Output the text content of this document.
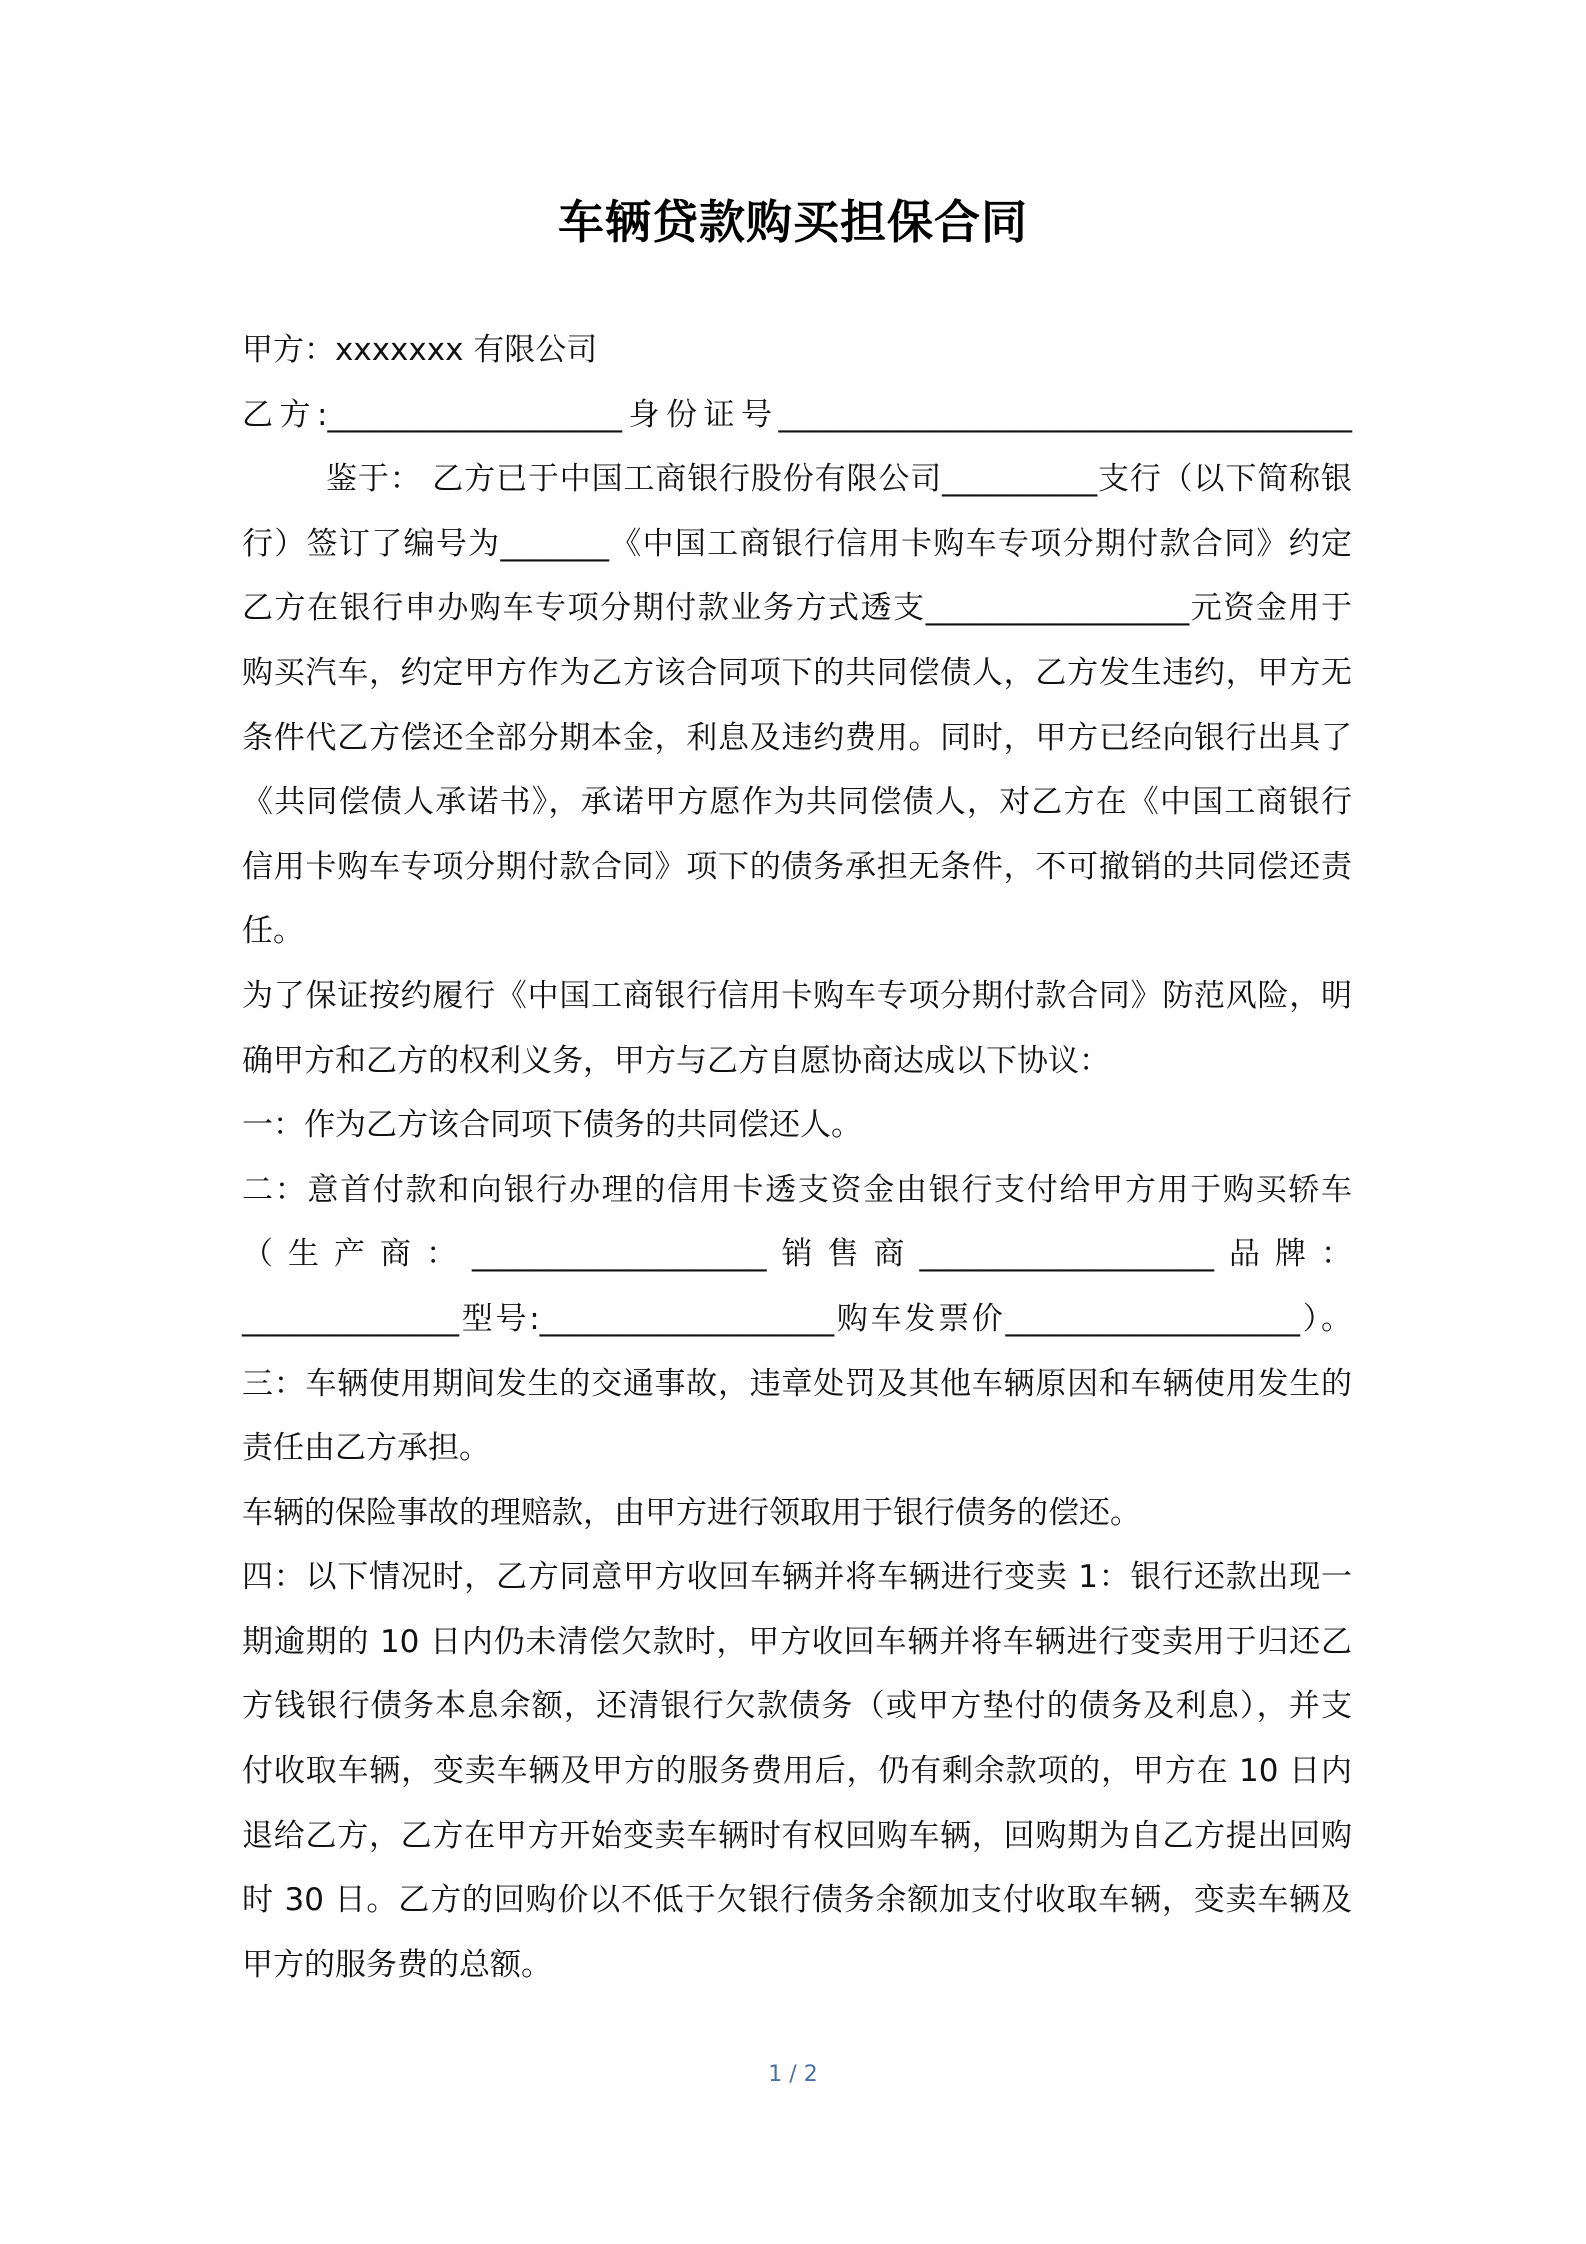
车辆贷款购买担保合同
甲方：xxxxxxx 有限公司
乙方:___________________身份证号_____________________________________
鉴于： 乙方已于中国工商银行股份有限公司__________支行（以下简称银
行）签订了编号为_______《中国工商银行信用卡购车专项分期付款合同》约定
乙方在银行申办购车专项分期付款业务方式透支_________________元资金用于
购买汽车，约定甲方作为乙方该合同项下的共同偿债人，乙方发生违约，甲方无
条件代乙方偿还全部分期本金，利息及违约费用。同时，甲方已经向银行出具了
《共同偿债人承诺书》，承诺甲方愿作为共同偿债人，对乙方在《中国工商银行
信用卡购车专项分期付款合同》项下的债务承担无条件，不可撤销的共同偿还责
任。
为了保证按约履行《中国工商银行信用卡购车专项分期付款合同》防范风险，明
确甲方和乙方的权利义务，甲方与乙方自愿协商达成以下协议：
一：作为乙方该合同项下债务的共同偿还人。
二：意首付款和向银行办理的信用卡透支资金由银行支付给甲方用于购买轿车
（生产商：___________________销售商___________________品牌：
______________型号:___________________购车发票价___________________）。
三：车辆使用期间发生的交通事故，违章处罚及其他车辆原因和车辆使用发生的
责任由乙方承担。
车辆的保险事故的理赔款，由甲方进行领取用于银行债务的偿还。
四：以下情况时，乙方同意甲方收回车辆并将车辆进行变卖 1：银行还款出现一
期逾期的 10 日内仍未清偿欠款时，甲方收回车辆并将车辆进行变卖用于归还乙
方钱银行债务本息余额，还清银行欠款债务（或甲方垫付的债务及利息），并支
付收取车辆，变卖车辆及甲方的服务费用后，仍有剩余款项的，甲方在 10 日内
退给乙方，乙方在甲方开始变卖车辆时有权回购车辆，回购期为自乙方提出回购
时 30 日。乙方的回购价以不低于欠银行债务余额加支付收取车辆，变卖车辆及
甲方的服务费的总额。
1 / 2
